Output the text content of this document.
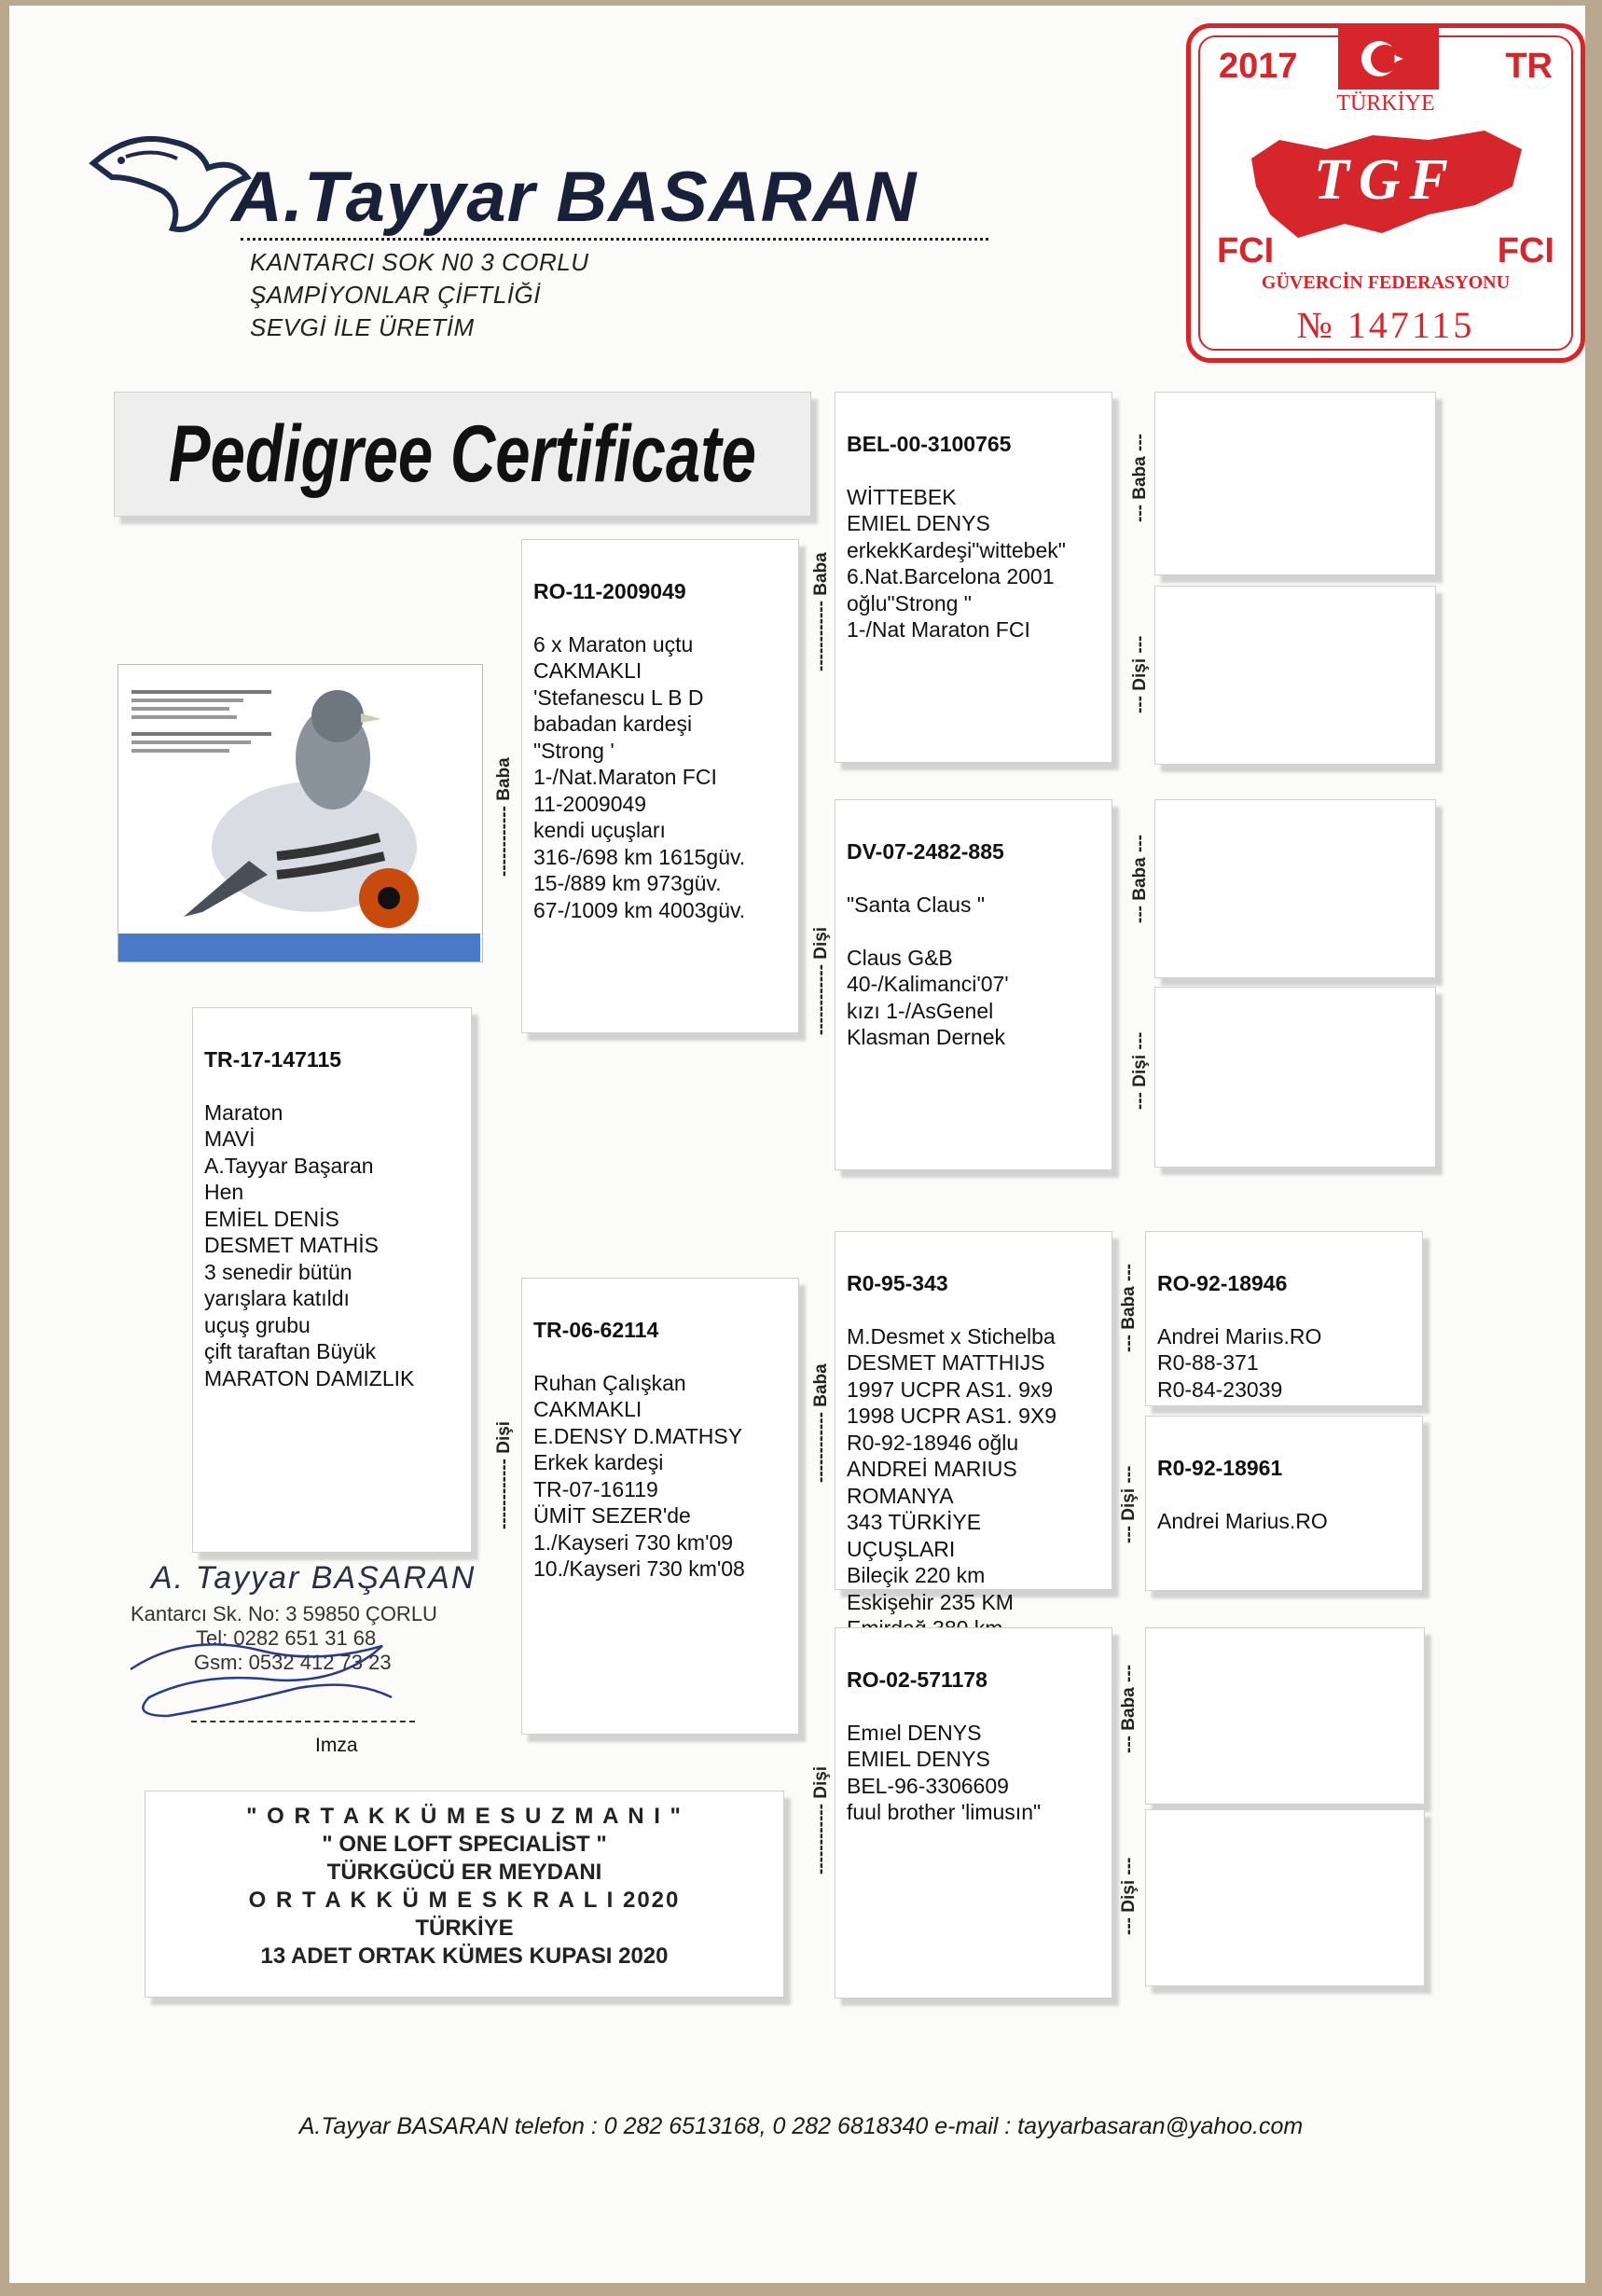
A.Tayyar BASARAN
KANTARCI SOK N0 3 CORLU
ŞAMPİYONLAR ÇİFTLİĞİ
SEVGİ İLE ÜRETİM
2017	TR
TÜRKİYE
TGF
FCI	FCI
GÜVERCİN FEDERASYONU
№ 147115
Pedigree Certificate

TR-17-147115

Maraton
MAVİ
A.Tayyar Başaran
Hen
EMİEL DENİS
DESMET MATHİS
3 senedir bütün
yarışlara katıldı
uçuş grubu
çift taraftan Büyük
MARATON DAMIZLIK

RO-11-2009049

6 x Maraton uçtu
CAKMAKLI
'Stefanescu L B D
babadan kardeşi
"Strong '
1-/Nat.Maraton FCI
11-2009049
kendi uçuşları
316-/698 km 1615güv.
15-/889 km 973güv.
67-/1009 km 4003güv.

------------ Baba

TR-06-62114

Ruhan Çalışkan
CAKMAKLI
E.DENSY D.MATHSY
Erkek kardeşi
TR-07-16119
ÜMİT SEZER'de
1./Kayseri 730 km'09
10./Kayseri 730 km'08

------------ Dişi

BEL-00-3100765

WİTTEBEK
EMIEL DENYS
erkekKardeşi"wittebek"
6.Nat.Barcelona 2001
oğlu"Strong "
1-/Nat Maraton FCI

------------ Baba

DV-07-2482-885

"Santa Claus "

Claus G&B
40-/Kalimanci'07'
kızı 1-/AsGenel
Klasman Dernek

------------ Dişi

R0-95-343

M.Desmet x Stichelba
DESMET MATTHIJS
1997 UCPR AS1. 9x9
1998 UCPR AS1. 9X9
R0-92-18946 oğlu
ANDREİ MARIUS
ROMANYA
343 TÜRKİYE
UÇUŞLARI
Bileçik 220 km
Eskişehir 235 KM

------------ Baba

RO-02-571178

Emıel DENYS
EMIEL DENYS
BEL-96-3306609
fuul brother 'limusın"

------------ Dişi
--- Baba ---
--- Dişi ---
--- Baba ---
--- Dişi ---

RO-92-18946

Andrei Mariıs.RO
R0-88-371
R0-84-23039

--- Baba ---

R0-92-18961

Andrei Marius.RO

--- Dişi ---
--- Baba ---
--- Dişi ---
A. Tayyar BAŞARAN
Kantarcı Sk. No: 3 59850 ÇORLU
Tel: 0282 651 31 68
Gsm: 0532 412 73 23
Imza
" O R T A K K Ü M E S U Z M A N I "
" ONE LOFT SPECIALİST "
TÜRKGÜCÜ ER MEYDANI
O R T A K K Ü M E S K R A L I 2020
TÜRKİYE
13 ADET ORTAK KÜMES KUPASI 2020
A.Tayyar BASARAN telefon : 0 282 6513168, 0 282 6818340 e-mail : tayyarbasaran@yahoo.com
